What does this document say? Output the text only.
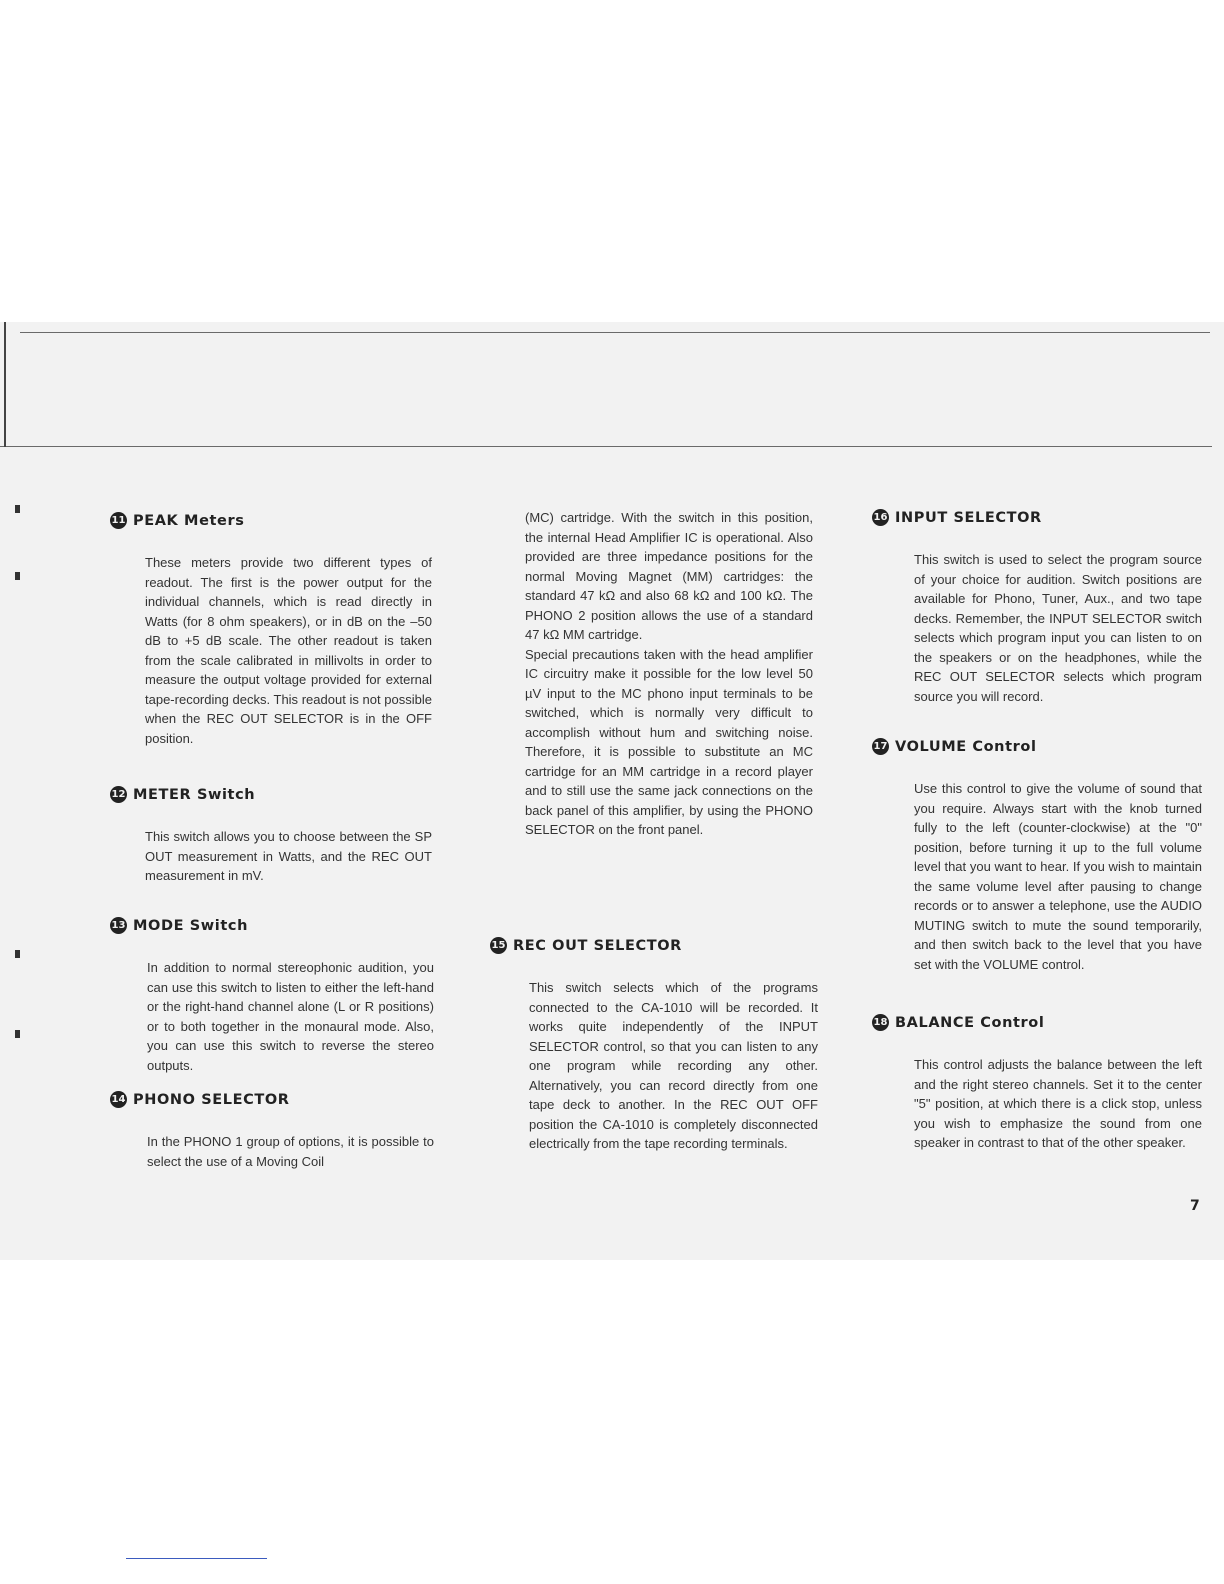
11 PEAK Meters

These meters provide two different types of readout. The first is the power output for the individual channels, which is read directly in Watts (for 8 ohm speakers), or in dB on the –50 dB to +5 dB scale. The other readout is taken from the scale calibrated in millivolts in order to measure the output voltage provided for external tape-recording decks. This readout is not possible when the REC OUT SELECTOR is in the OFF position.

12 METER Switch

This switch allows you to choose between the SP OUT measurement in Watts, and the REC OUT measurement in mV.

13 MODE Switch

In addition to normal stereophonic audition, you can use this switch to listen to either the left-hand or the right-hand channel alone (L or R positions) or to both together in the monaural mode. Also, you can use this switch to reverse the stereo outputs.

14 PHONO SELECTOR

In the PHONO 1 group of options, it is possible to select the use of a Moving Coil

(MC) cartridge. With the switch in this position, the internal Head Amplifier IC is operational. Also provided are three impedance positions for the normal Moving Magnet (MM) cartridges: the standard 47 kΩ and also 68 kΩ and 100 kΩ. The PHONO 2 position allows the use of a standard 47 kΩ MM cartridge.

Special precautions taken with the head amplifier IC circuitry make it possible for the low level 50 µV input to the MC phono input terminals to be switched, which is normally very difficult to accomplish without hum and switching noise. Therefore, it is possible to substitute an MC cartridge for an MM cartridge in a record player and to still use the same jack connections on the back panel of this amplifier, by using the PHONO SELECTOR on the front panel.

15 REC OUT SELECTOR

This switch selects which of the programs connected to the CA-1010 will be recorded. It works quite independently of the INPUT SELECTOR control, so that you can listen to any one program while recording any other. Alternatively, you can record directly from one tape deck to another. In the REC OUT OFF position the CA-1010 is completely disconnected electrically from the tape recording terminals.

16 INPUT SELECTOR

This switch is used to select the program source of your choice for audition. Switch positions are available for Phono, Tuner, Aux., and two tape decks. Remember, the INPUT SELECTOR switch selects which program input you can listen to on the speakers or on the headphones, while the REC OUT SELECTOR selects which program source you will record.

17 VOLUME Control

Use this control to give the volume of sound that you require. Always start with the knob turned fully to the left (counter-clockwise) at the "0" position, before turning it up to the full volume level that you want to hear. If you wish to maintain the same volume level after pausing to change records or to answer a telephone, use the AUDIO MUTING switch to mute the sound temporarily, and then switch back to the level that you have set with the VOLUME control.

18 BALANCE Control

This control adjusts the balance between the left and the right stereo channels. Set it to the center "5" position, at which there is a click stop, unless you wish to emphasize the sound from one speaker in contrast to that of the other speaker.

7
